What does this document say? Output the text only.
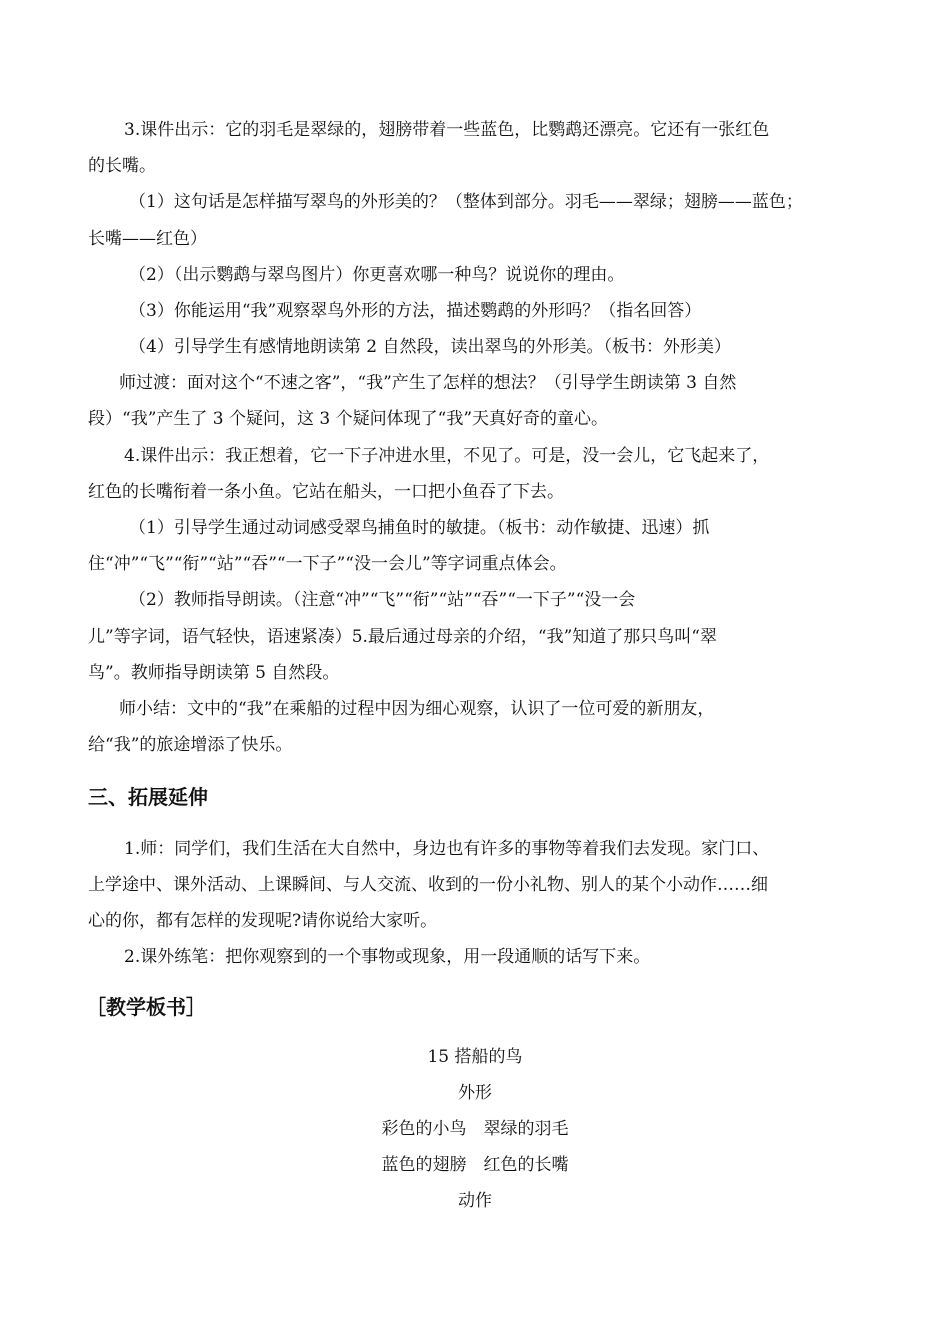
3.课件出示：它的羽毛是翠绿的，翅膀带着一些蓝色，比鹦鹉还漂亮。它还有一张红色
的长嘴。
（1）这句话是怎样描写翠鸟的外形美的？（整体到部分。羽毛——翠绿；翅膀——蓝色；
长嘴——红色）
（2）（出示鹦鹉与翠鸟图片）你更喜欢哪一种鸟？说说你的理由。
（3）你能运用“我”观察翠鸟外形的方法，描述鹦鹉的外形吗？（指名回答）
（4）引导学生有感情地朗读第 2 自然段，读出翠鸟的外形美。（板书：外形美）
师过渡：面对这个“不速之客”，“我”产生了怎样的想法？（引导学生朗读第 3 自然
段）“我”产生了 3 个疑问，这 3 个疑问体现了“我”天真好奇的童心。
4.课件出示：我正想着，它一下子冲进水里，不见了。可是，没一会儿，它飞起来了，
红色的长嘴衔着一条小鱼。它站在船头，一口把小鱼吞了下去。
（1）引导学生通过动词感受翠鸟捕鱼时的敏捷。（板书：动作敏捷、迅速）抓
住“冲”“飞”“衔”“站”“吞”“一下子”“没一会儿”等字词重点体会。
（2）教师指导朗读。（注意“冲”“飞”“衔”“站”“吞”“一下子”“没一会
儿”等字词，语气轻快，语速紧凑）5.最后通过母亲的介绍，“我”知道了那只鸟叫“翠
鸟”。教师指导朗读第 5 自然段。
师小结：文中的“我”在乘船的过程中因为细心观察，认识了一位可爱的新朋友，
给“我”的旅途增添了快乐。
三、拓展延伸
1.师：同学们，我们生活在大自然中，身边也有许多的事物等着我们去发现。家门口、
上学途中、课外活动、上课瞬间、与人交流、收到的一份小礼物、别人的某个小动作……细
心的你，都有怎样的发现呢?请你说给大家听。
2.课外练笔：把你观察到的一个事物或现象，用一段通顺的话写下来。
［教学板书］
15 搭船的鸟
外形
彩色的小鸟　翠绿的羽毛
蓝色的翅膀　红色的长嘴
动作
